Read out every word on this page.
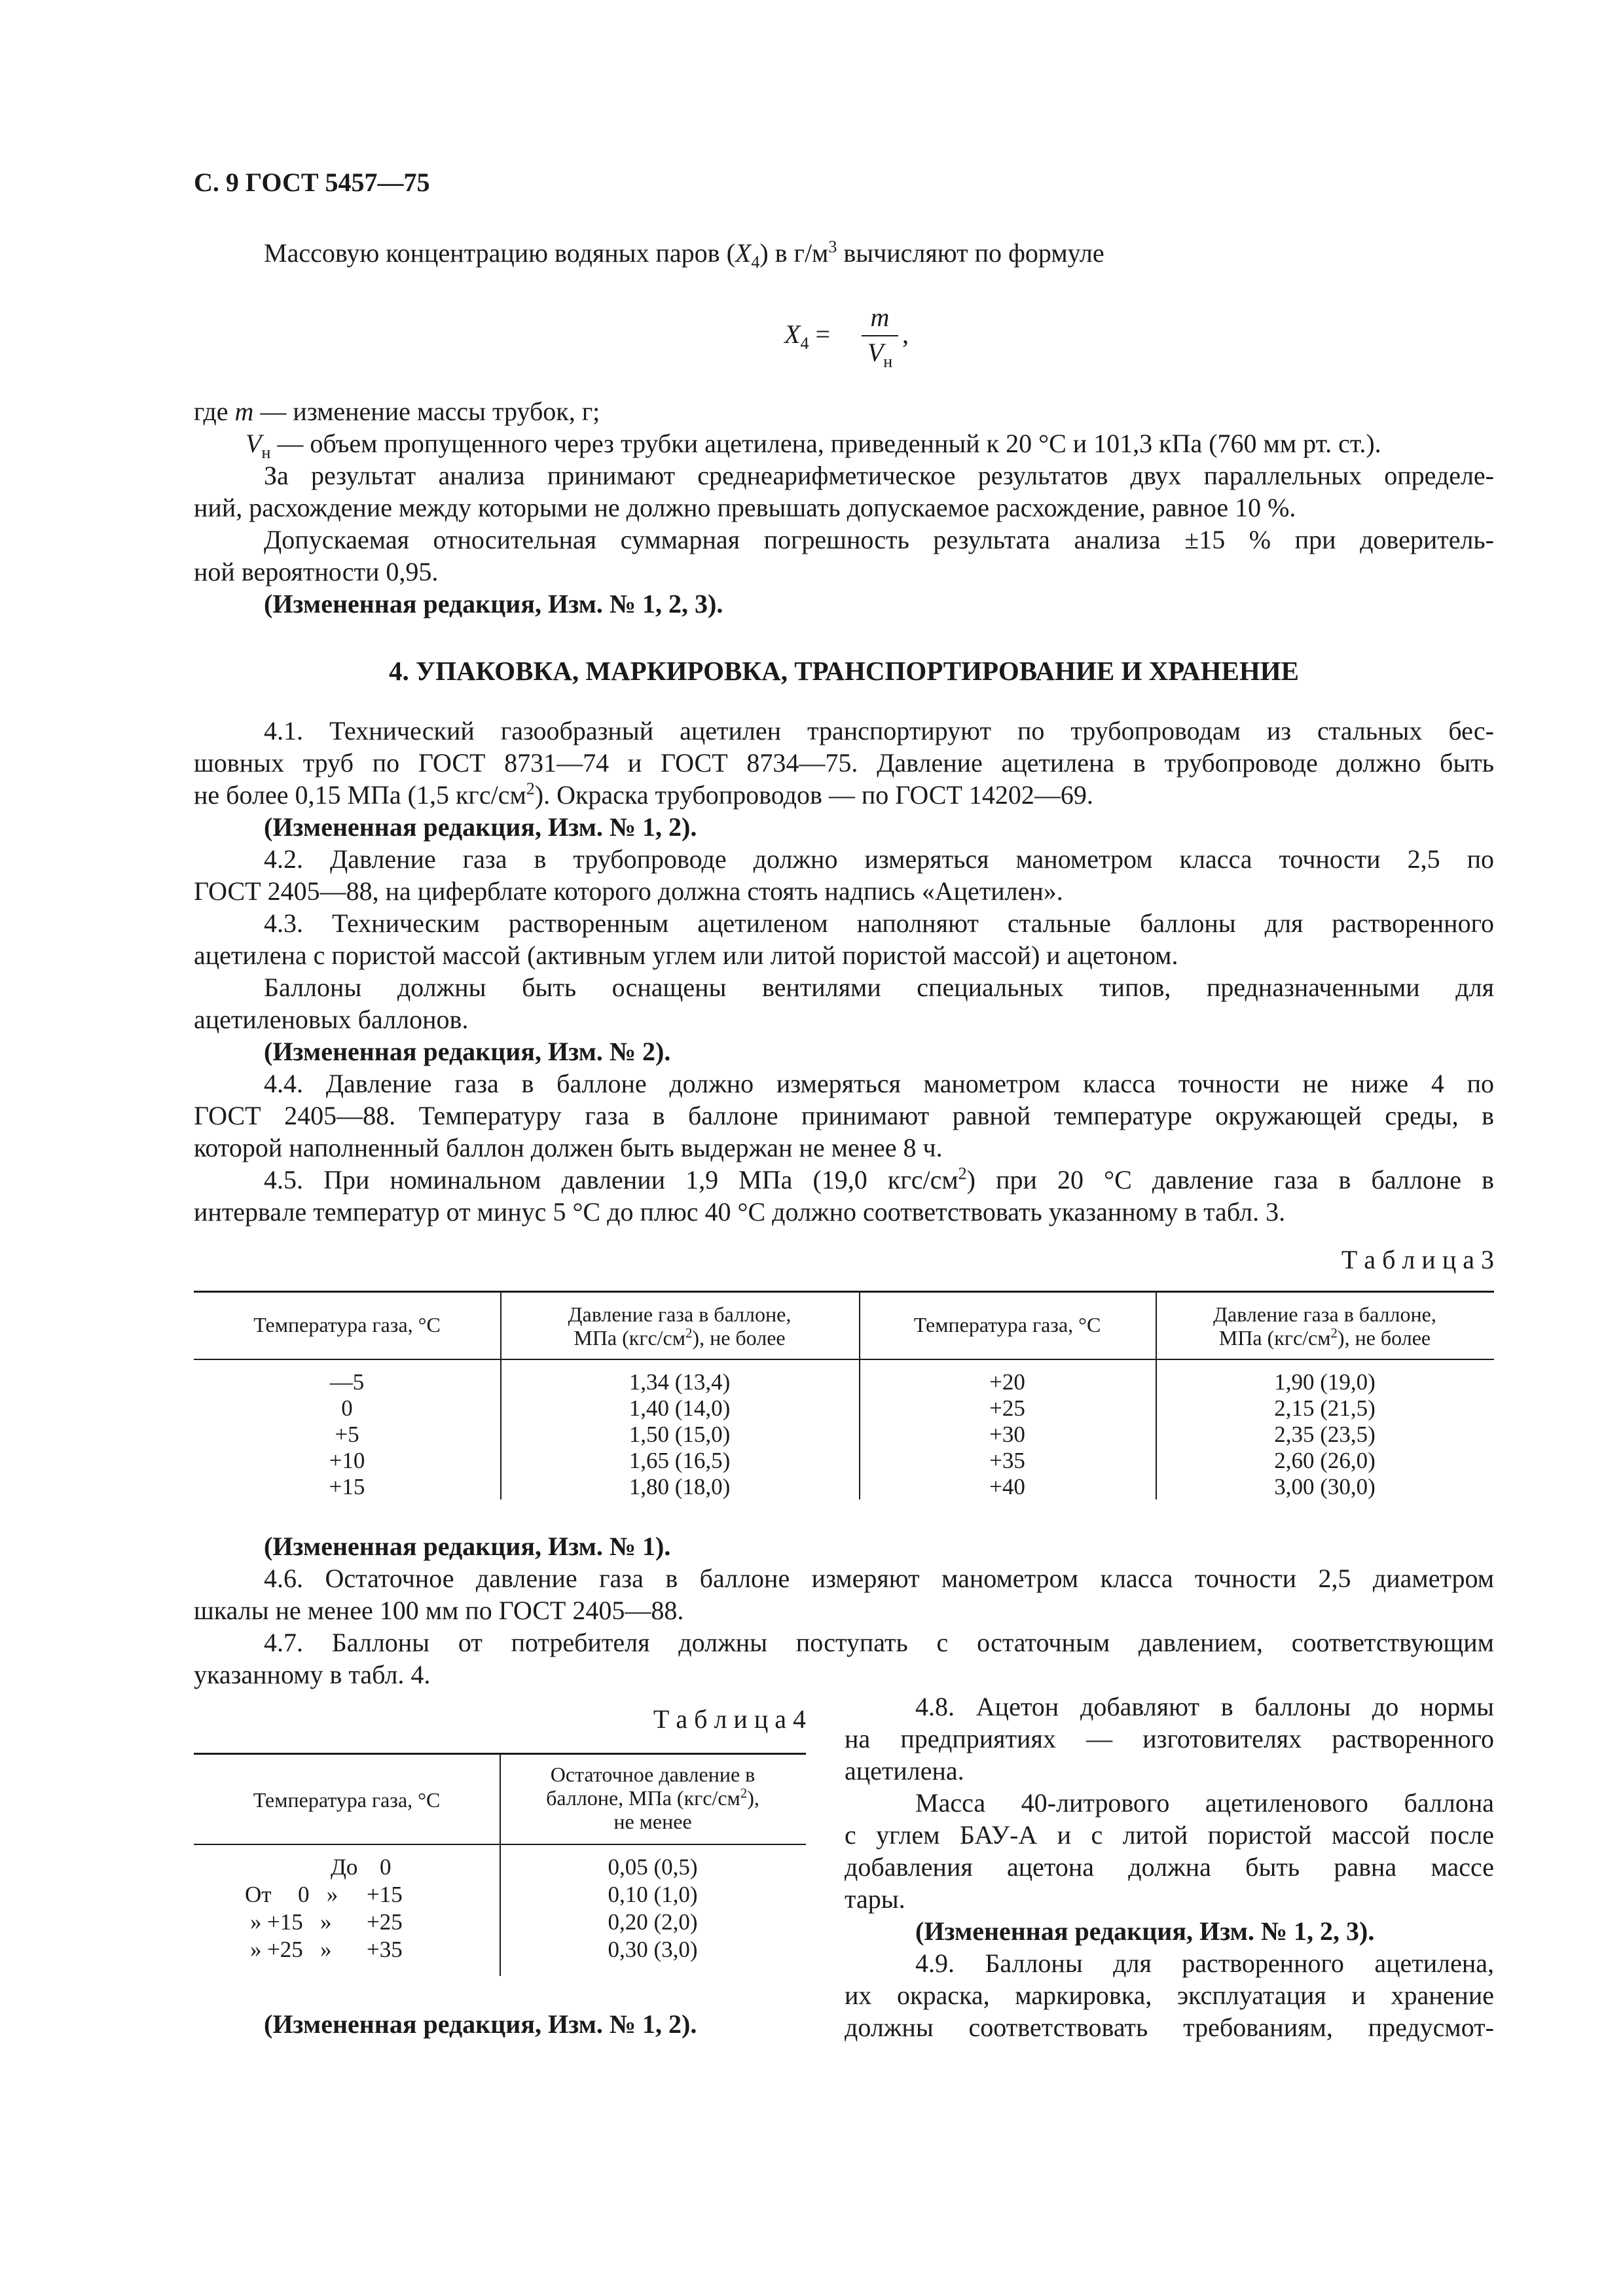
С. 9 ГОСТ 5457—75
Массовую концентрацию водяных паров $(X_4)$ в $г/м^3$ вычисляют по формуле
$X_4$ =
m
$V_н$
,
где m — изменение массы трубок, г;
$V_н$ — объем пропущенного через трубки ацетилена, приведенный к 20 °С и 101,3 кПа (760 мм рт. ст.).
За результат анализа принимают среднеарифметическое результатов двух параллельных определе-
ний, расхождение между которыми не должно превышать допускаемое расхождение, равное 10 %.
Допускаемая относительная суммарная погрешность результата анализа ±15 % при доверитель-
ной вероятности 0,95.
(Измененная редакция, Изм. № 1, 2, 3).
4. УПАКОВКА, МАРКИРОВКА, ТРАНСПОРТИРОВАНИЕ И ХРАНЕНИЕ
4.1. Технический газообразный ацетилен транспортируют по трубопроводам из стальных бес-
шовных труб по ГОСТ 8731—74 и ГОСТ 8734—75. Давление ацетилена в трубопроводе должно быть
не более 0,15 МПа (1,5 кгс/$см^2$). Окраска трубопроводов — по ГОСТ 14202—69.
(Измененная редакция, Изм. № 1, 2).
4.2. Давление газа в трубопроводе должно измеряться манометром класса точности 2,5 по
ГОСТ 2405—88, на циферблате которого должна стоять надпись «Ацетилен».
4.3. Техническим растворенным ацетиленом наполняют стальные баллоны для растворенного
ацетилена с пористой массой (активным углем или литой пористой массой) и ацетоном.
Баллоны должны быть оснащены вентилями специальных типов, предназначенными для
ацетиленовых баллонов.
(Измененная редакция, Изм. № 2).
4.4. Давление газа в баллоне должно измеряться манометром класса точности не ниже 4 по
ГОСТ 2405—88. Температуру газа в баллоне принимают равной температуре окружающей среды, в
которой наполненный баллон должен быть выдержан не менее 8 ч.
4.5. При номинальном давлении 1,9 МПа (19,0 кгс/$см^2$) при 20 °С давление газа в баллоне в
интервале температур от минус 5 °С до плюс 40 °С должно соответствовать указанному в табл. 3.
Т а б л и ц а 3
Температура газа, °С	Давление газа в баллоне,
МПа $(кгс/см^2)$, не более
Температура газа, °С	Давление газа в баллоне,
МПа $(кгс/см^2)$, не более
—5
0
+5
+10
+15
1,34 (13,4)
1,40 (14,0)
1,50 (15,0)
1,65 (16,5)
1,80 (18,0)
+20
+25
+30
+35
+40
1,90 (19,0)
2,15 (21,5)
2,35 (23,5)
2,60 (26,0)
3,00 (30,0)
(Измененная редакция, Изм. № 1).
4.6. Остаточное давление газа в баллоне измеряют манометром класса точности 2,5 диаметром
шкалы не менее 100 мм по ГОСТ 2405—88.
4.7. Баллоны от потребителя должны поступать с остаточным давлением, соответствующим
указанному в табл. 4.
Т а б л и ц а 4
Температура газа, °С
Остаточное давление в
баллоне, МПа $(кгс/см^2)$,
не менее
До 0
От 0   » +15
» +15   » +25
» +25   » +35
0,05 (0,5)
0,10 (1,0)
0,20 (2,0)
0,30 (3,0)
(Измененная редакция, Изм. № 1, 2).
4.8. Ацетон добавляют в баллоны до нормы
на предприятиях — изготовителях растворенного
ацетилена.
Масса 40-литрового ацетиленового баллона
с углем БАУ-А и с литой пористой массой после
добавления ацетона должна быть равна массе
тары.
(Измененная редакция, Изм. № 1, 2, 3).
4.9. Баллоны для растворенного ацетилена,
их окраска, маркировка, эксплуатация и хранение
должны соответствовать требованиям, предусмот-
